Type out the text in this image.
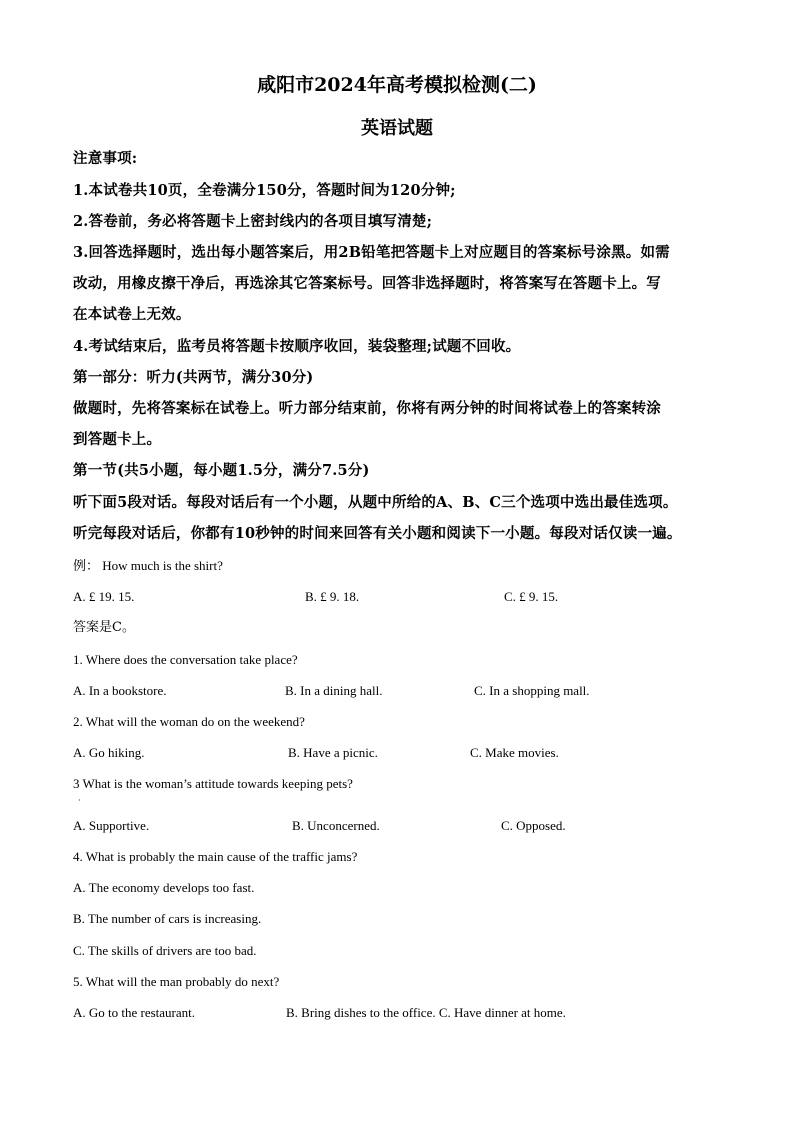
咸阳市2024年高考模拟检测(二)
英语试题
注意事项:
1.本试卷共10页，全卷满分150分，答题时间为120分钟;
2.答卷前，务必将答题卡上密封线内的各项目填写清楚;
3.回答选择题时，选出每小题答案后，用2B铅笔把答题卡上对应题目的答案标号涂黑。如需
改动，用橡皮擦干净后，再选涂其它答案标号。回答非选择题时，将答案写在答题卡上。写
在本试卷上无效。
4.考试结束后，监考员将答题卡按顺序收回，装袋整理;试题不回收。
第一部分：听力(共两节，满分30分)
做题时，先将答案标在试卷上。听力部分结束前，你将有两分钟的时间将试卷上的答案转涂
到答题卡上。
第一节(共5小题，每小题1.5分，满分7.5分)
听下面5段对话。每段对话后有一个小题，从题中所给的A、B、C三个选项中选出最佳选项。
听完每段对话后，你都有10秒钟的时间来回答有关小题和阅读下一小题。每段对话仅读一遍。
例： How much is the shirt?
A. £ 19. 15.	B. £ 9. 18.	C. £ 9. 15.
答案是C。
1. Where does the conversation take place?
A. In a bookstore.	B. In a dining hall.	C. In a shopping mall.
2. What will the woman do on the weekend?
A. Go hiking.	B. Have a picnic.	C. Make movies.
3 What is the woman’s attitude towards keeping pets?
·
A. Supportive.	B. Unconcerned.	C. Opposed.
4. What is probably the main cause of the traffic jams?
A. The economy develops too fast.
B. The number of cars is increasing.
C. The skills of drivers are too bad.
5. What will the man probably do next?
A. Go to the restaurant.	B. Bring dishes to the office. C. Have dinner at home.
